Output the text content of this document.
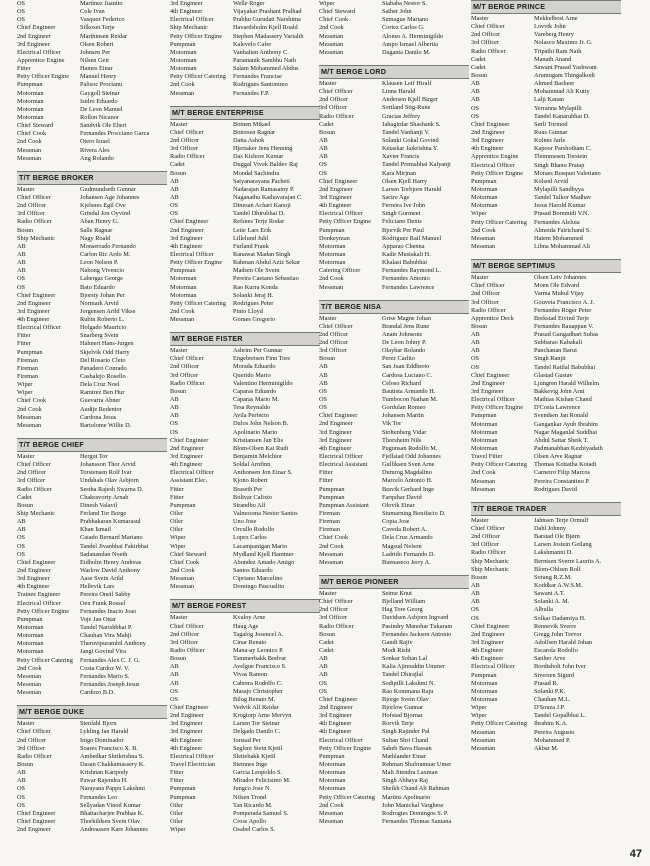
OS	Martinez Juanito
OS	Cole Ivan
OS	Vasquez Federico
Chief Engineer	Silkoset Terje
2nd Engineer	Marthinsen Reidar
3rd Engineer	Olsen Robert
Electrical Officer	Johnsen Per
Apprentice Engine	Nilsen Geir
Fitter	Hames Einar
Petty Officer Engine	Manuel Henry
Pumpman	Palisoc Procianu
Motorman	Gaygoll Steinar
Motorman	Isidro Eduardo
Motorman	De Leon Manuel
Motorman	Rollon Nicanor
Chief Steward	Sandvik Ole Ebert
Chief Cook	Fernandes Procciano Garca
2nd Cook	Otero Israel
Messman	Rivera Ales
Messman	Ang Rolando
T/T BERGE BROKER
Master	Gudmundseth Gunnar
Chief Officer	Johansen Age Johannes
2nd Officer	Kjelsnes Egil Ove
3rd Officer	Grindal Jon Oyvind
Radio Officer	Aban Henry G.
Bosun	Salle Ragnar
Ship Mechanic	Nagy Roald
AB	Monserrado Fernando
AB	Carlon Ric Ardo M.
AB	Leon Nelson P.
AB	Nabong Vivencio
OS	Labergas George
OS	Bato Eduardo
Chief Engineer	Bjorsty Johan Per
2nd Engineer	Normark Arvid
3rd Engineer	Jorgensen Arild Vikse
4th Engineer	Rubin Roberto L.
Electrical Officer	Holgado Mauricio
Fitter	Snarberg Svein
Fitter	Hahnert Hans-Jurgen
Pumpman	Skjelvik Odd Harry
Fireman	Del Rosario Cleto
Fireman	Panadero Conrado
Fireman	Casbalejo Rosello
Wiper	Dela Cruz Noel
Wiper	Ramirez Ben Hur
Chief Cook	Guevarra Abner
2nd Cook	Audije Redentor
Messman	Cardona Jesus
Messman	Bartolome Willie D.
T/T BERGE CHIEF
Master	Hergot Tor
Chief Officer	Johansson Thor Arvid
2nd Officer	Torstensen Rolf Ivar
3rd Officer	Undshals Olav Asbjorn
Radio Officer	Sestha Rajesh Swarna D.
Cadet	Chakravorty Arnab
Bosun	Dinesh Valavil
Ship Mechanic	Ferland Tor Borge
AB	Prabhakaran Kumarasul
AB	Khan Ismail
OS	Caiado Bernard Mariano
OS	Tandel Jivanbhai Fakirbhai
OS	Sadanandan Noeth
Chief Engineer	Eidholm Henry Andreas
2nd Engineer	Warlow David Anthony
3rd Engineer	Aase Svein Arild
4th Engineer	Hellevik Lars
Trainee Engineer	Pereira Oneil Sabby
Electrical Officer	Oen Frank Rossel
Petty Officer Engine	Fernandes Inacio Joao
Pumpman	Voje Jan Ottar
Motorman	Tandel Narishbhai P.
Motorman	Chauhan Vira Mahji
Motorman	Theruvipurambil Anthony
Motorman	Jangi Govind Vira
Petty Officer Catering	Fernandes Alex C. J. G.
2nd Cook	Costa Cardoz W. V.
Messman	Fernandes Mario S.
Messman	Fernandes Joseph Jesus
Messman	Cardozo B.D.
M/T BERGE DUKE
Master	Stenlahl Bjorn
Chief Officer	Lykling Jan Harald
2nd Officer	Inigo Dominador
3rd Officer	Soares Francisco X. B.
Radio Officer	Ambedkar Shrikrishna S.
Bosun	Dasan Chakkamassery K.
AB	Krishnan Karipody
AB	Pawar Rajendra H.
OS	Narayana Pappu Lakshmi
OS	Fernandes Leo
OS	Sellyadan Vinod Kumar
Chief Engineer	Bhattacharjee Prabhas K.
Chief Engineer	Thorkildsen Svein Olav
2nd Engineer	Andreassen Kare Johannes
3rd Engineer	Welle Roger
4th Engineer	Vijayakar Prashant Pralhad
Electrical Officer	Prabhu Gurudatt Narshima
Ship Mechanic	Havardsholm Kjell Roald
Petty Officer Engine	Stephen Madassery Varialth
Pumpman	Kalevelo Cafer
Motorman	Vanhalten Anthony C.
Motorman	Paramanik Sambhu Nath
Motorman	Salam Mohammed Abdus
Petty Officer Catering	Fernandes Francise
2nd Cook	Rodrigues Santonimo
Messman	Fernandes F.P.
M/T BERGE ENTERPRISE
Master	Botnen Mikael
Chief Officer	Botresen Ragnar
2nd Officer	Datta Ashok
3rd Officer	Hjertaker Jens Henning
Radio Officer	Das Kishore Kumar
Cadet	Duggal Vivek Baldev Raj
Bosun	Mondal Sachindra
AB	Satyanarayana Pacheti
AB	Nadarajan Ramasamy P.
AB	Naganathu Kathavarajan C.
OS	Dinesan Achari Kanoji
OS	Tandel Dhirubhai D.
Chief Engineer	Refsnes Terje Rodar
2nd Engineer	Leite Lars Erik
3rd Engineer	Lillelund Juhl
4th Engineer	Furland Frank
Electrical Officer	Ranawat Madan Singh
Petty Officer Engine	Rahman Abdul Aziz Sekar
Pumpman	Madsen Ole Svein
Motorman	Pereira Caetano Sebastiao
Motorman	Rao Kurra Konda
Motorman	Solanki Jeraj H.
Petty Officer Catering	Rodrigues Peter
2nd Cook	Pinto Lloyd
Messman	Gomes Gregorio
M/T BERGE FISTER
Master	Ashrim Per Gunnar
Chief Officer	Engebretsen Finn Tore
2nd Officer	Morada Eduardo
3rd Officer	Querido Mario
Radio Officer	Valentino Herminigildo
Bosun	Caparas Eduardo
AB	Caparas Mario M.
AB	Tesa Reynaldo
AB	Avila Perfecto
OS	Dulos John Nelson B.
OS	Apolinario Mario
Chief Engineer	Kristiansen Jan Elis
2nd Engineer	Blom-Olsen Kai Rudi
3rd Engineer	Benjamin Melchior
4th Engineer	Soldal Arnfinn
Electrical Officer	Anthonsen Jon Einar S.
Assistant Elec.	Kjono Robert
Fitter	Braseth Per
Fitter	Bolivar Calixto
Pumpman	Strandbo Alf
Oiler	Valmocena Nestor Santos
Oiler	Uno Jose
Oiler	Orcullo Rodolfo
Wiper	Lopez Carlos
Wiper	Lacampanigan Mario
Chief Steward	Mydland Kjell Hammer
Chief Cook	Abundez Amado Amigo
2nd Cook	Santos Eduardo
Messman	Cipriano Marcelino
Messman	Domingo Pascualito
M/T BERGE FOREST
Master	Kvaloy Arne
Chief Officer	Haug Age
2nd Officer	Tagalog Josencel A.
3rd Officer	Cinar Renato
Radio Officer	Mana-ay Leonico P.
Bosun	Tammerbakk Bodvar
AB	Avelgue Francisco S.
AB	Vivas Ramon
AB	Cabrera Rodolfo C.
OS	Masajo Christopher
OS	Bilog Renato M.
Chief Engineer	Vedvik Alf Reidar
2nd Engineer	Krogtorp Arne Mervyn
3rd Engineer	Larsen Tor Steinar
3rd Engineer	Delgado Danilo C.
4th Engineer	Jorstad Per
4th Engineer	Segleni Stein Kjetil
Electrical Officer	Slettebakk Kjetil
Travel Electrician	Steinnes Inge
Fitter	Garcia Leopoldo S.
Fitter	Mirador Felicisimo M.
Pumpman	Jungco Jose N.
Pumpman	Nilsen Trond
Oiler	Tan Ricardo M.
Oiler	Pomperada Samuel S.
Oiler	Cross Apollo
Wiper	Osabel Carlos S.
Wiper	Siababa Nestor S.
Chief Steward	Sather John
Chief Cook	Sumague Mariano
2nd Cook	Cortez Carlos G.
Messman	Alonso A. Herminigildo
Messman	Ampo Ismael Albertia
Messman	Daganta Danilo M.
M/T BERGE LORD
Master	Klausen Leif Hiralf
Chief Officer	Linna Harald
2nd Officer	Andersen Kjell Birger
3rd Officer	Sortland Stig-Rune
Radio Officer	Gracias Jeffrey
Cadet	Jahagirdar Shashank S.
Bosun	Tandel Vanhanji V.
AB	Solanki Gokal Govind
AB	Ketaskar Jaikrishna Y.
AB	Xavier Francis
OS	Tandel Premabhai Kalyanji
OS	Kara Mirjnan
Chief Engineer	Olsen Kjell Harry
2nd Engineer	Larsen Torbjorn Harald
3rd Engineer	Sactre Age
4th Engineer	Ferreira Ive John
Electrical Officer	Singh Gurmeet
Petty Officer Engine	Feliciano Denis
Pumpman	Bjorvik Per Paul
Donkeyman	Rodriguez Rail Manuel
Motorman	Apparao Chenna
Motorman	Kadir Mustakali H.
Motorman	Khalasi Babubhai
Catering Officer	Fernandes Raymond L.
2nd Cook	Fernandes Antonio
Messman	Fernandes Lawrence
T/T BERGE NISA
Master	Grise Magne Johan
Chief Officer	Brandal Jens Rune
2nd Officer	Anam Johnsons
2nd Officer	De Leon Johny P.
3rd Officer	Olaybar Rolando
Bosun	Perez Carlito
AB	San Juan Eddberto
AB	Cardosa Luciano C.
AB	Celoso Richard
OS	Bautista Armando H.
OS	Tumbocon Nathan M.
OS	Gordulan Romeo
Chief Engineer	Johansen Martin
2nd Engineer	Vik Tor
3rd Engineer	Stoltenberg Vidar
3rd Engineer	Thorsheim Nils
4th Engineer	Pugunsan Rodolfo M.
Electrical Officer	Fjellstad Odd Johannes
Electrical Assistant	Gulliksen Sven Arne
Fitter	Dumrog Magdalino
Fitter	Marcelo Antonio H.
Pumpman	Bravik Gerhard Inge
Pumpman	Farquhar David
Pumpman Assistant	Olovik Einar
Fireman	Stumarning Bonifacio D.
Fireman	Copia Jose
Fireman	Caveda Robert A.
Chief Cook	Dela Cruz Armando
2nd Cook	Magsud Nelson
Messman	Ladrido Fernando D.
Messman	Buenaseco Jerry A.
M/T BERGE PIONEER
Master	Seime Knut
Chief Officer	Bjelland William
2nd Officer	Hag Tore Georg
3rd Officer	Davidsen Asbjorn Ingvard
Radio Officer	Pasindry Manohar Tukaram
Bosun	Fernandes Jackson Antonio
Cadet	Gandi Rajiv
Cadet	Modi Rishi
AB	Sonkar Sohan Lal
AB	Kalia Ajimuddin Ummer
AB	Tandel Dhirajlal
OS	Sodipilli Lakshmi N.
OS	Rao Kommana Raju
Chief Engineer	Bjorge Svein Olav
2nd Engineer	Bjorlow Gunnar
3rd Engineer	Hofstad Bjornar
4th Engineer	Rorvik Terje
4th Engineer	Singh Rajinder Pal
Electrical Officer	Sultan Shri Chand
Petty Officer Engine	Saheb Bava Hassan
Pumpman	Mæhlander Einar
Motorman	Rehman Shubramuar Umer
Motorman	Mali Jitendra Laxman
Motorman	Singh Abhaya Raj
Motorman	Sheikh Chand Ali Rahman
Petty Officer Catering	Martins Apolinario
2nd Cook	John Manichal Varghese
Messman	Rodrogies Domingos S. P.
Messman	Fernandes Thomas Santana
M/T BERGE PRINCE
Master	Mekkelbost Arne
Chief Officer	Lovvik John
2nd Officer	Vareberg Henry
3rd Officer	Nolasco Maximo Jr. G.
Radio Officer	Tripathi Ram Nath
Cadet	Manath Anand
Cadet	Sawant Prasad Yashwant
Bosun	Arumugam Thingalkodi
AB	Ahmed Basheer
AB	Mohammad Ali Kutty
AB	Lalji Kanan
OS	Yerranna Mylapilli
OS	Tandel Kanarubhai D.
Chief Engineer	Sørli Tormod
2nd Engineer	Ruus Gunnar
3rd Engineer	Kolnes Jarle
4th Engineer	Kapoor Parshotham C.
Apprentice Engine	Thommesen Torstein
Electrical Officer	Singh Bhanu Pratap
Petty Officer Engine	Moraes Bosquet Valeriano
Pumpman	Kolsod Arvid
Motorman	Mylapilli Sandhyya
Motorman	Tandel Talkor Madhav
Motorman	Jesus Harold Kumar
Wiper	Prasad Bommidi V.N.
Petty Officer Catering	Fernandes Aleluia
2nd Cook	Almeida Fairichand S.
Messman	Hatem Mohammed
Messman	Libna Mohammad Ali
M/T BERGE SEPTIMUS
Master	Olsen Leiv Johannes
Chief Officer	Moen Ole Edvard
2nd Officer	Varma Mukul Vijay
3rd Officer	Gouveia Francisco A. J.
Radio Officer	Fernandes Roger Peter
Apprentice Deck	Brekstad Eivind Terje
Bosun	Fernandes Rauappan V.
AB	Prasad Gangadhari Subas
AB	Subbarao Kabakali
AB	Panchanan Barui
OS	Singh Ranjit
OS	Tandel Ratilal Babubhai
Chief Engineer	Glastad Gustav
2nd Engineer	Ljungren Harald Wilhelm
3rd Engineer	Bakkevig John Arnt
Electrical Officer	Mathias Kishan Chand
Petty Officer Engine	D'Costa Lawrence
Pumpman	Svendsen Jan Ronald
Motorman	Gangankar Ayub Ibrahim
Motorman	Nagar Maganlal Suddhai
Motorman	Abdul Sattar Sheik T.
Motorman	Padmanabhan Kezhiyadath
Travel Fitter	Olsen Arve Ragnar
Petty Officer Catering	Thomas Kottatha Kotadi
2nd Cook	Carneiro Filip Marcos
Messman	Pereira Constantino P.
Messman	Rodrigues David
T/T BERGE TRADER
Master	Jahnsen Terje Ormulf
Chief Officer	Dahl Johnny
2nd Officer	Barstad Ole Bjørn
3rd Officer	Larsen Jostein Geilang
Radio Officer	Lakshmanni D.
Ship Mechanic	Berntsen Sverre Laurits A.
Ship Mechanic	Blom-Ohlsen Rolf
Bosun	Sorang R.Z.M.
AB	Koddkar A.W.S.M.
AB	Sawant A.T.
AB	Solanki A. M.
OS	Albulla
OS	Solkar Dadamiya H.
Chief Engineer	Rennevik Sverre
2nd Engineer	Gregg John Trevor
3rd Engineer	Adolfsen Harald Johan
4th Engineer	Escarola Rodolfo
4th Engineer	Sæther Arve
Electrical Officer	Bordtsholt John Iver
Pumpman	Siversen Sigurd
Motorman	Prasad R.
Motorman	Solanki P.K.
Motorman	Chauhan M.L.
Wiper	D'Souza J.P.
Wiper	Tandel Gopalbhai L.
Petty Officer Catering	Ibrahim K.A.
Messman	Pereira Augusto
Messman	Mohammed P.
Messman	Akbar M.
47
